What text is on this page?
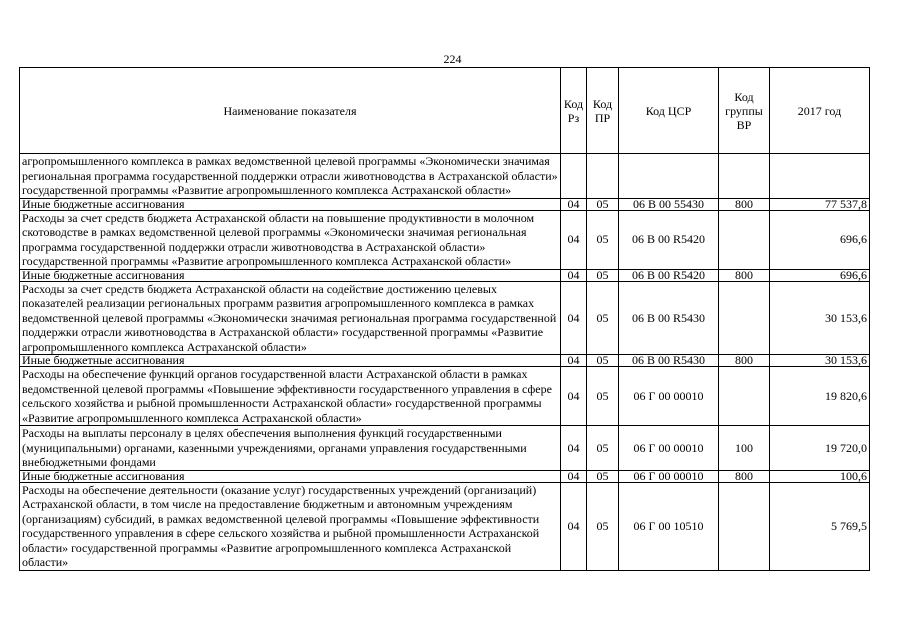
224
Наименование показателя	Код Рз	Код ПР	Код ЦСР	Код группы ВР	2017 год
агропромышленного комплекса в рамках ведомственной целевой программы «Экономически значимая региональная программа государственной поддержки отрасли животноводства в Астраханской области» государственной программы «Развитие агропромышленного комплекса Астраханской области»					
Иные бюджетные ассигнования	04	05	06 В 00 55430	800	77 537,8
Расходы за счет средств бюджета Астраханской области на повышение продуктивности в молочном скотоводстве в рамках ведомственной целевой программы «Экономически значимая региональная программа государственной поддержки отрасли животноводства в Астраханской области» государственной программы «Развитие агропромышленного комплекса Астраханской области»	04	05	06 В 00 R5420		696,6
Иные бюджетные ассигнования	04	05	06 В 00 R5420	800	696,6
Расходы за счет средств бюджета Астраханской области на содействие достижению целевых показателей реализации региональных программ развития агропромышленного комплекса в рамках ведомственной целевой программы «Экономически значимая региональная программа государственной поддержки отрасли животноводства в Астраханской области» государственной программы «Развитие агропромышленного комплекса Астраханской области»	04	05	06 В 00 R5430		30 153,6
Иные бюджетные ассигнования	04	05	06 В 00 R5430	800	30 153,6
Расходы на обеспечение функций органов государственной власти Астраханской области в рамках ведомственной целевой программы «Повышение эффективности государственного управления в сфере сельского хозяйства и рыбной промышленности Астраханской области» государственной программы «Развитие агропромышленного комплекса Астраханской области»	04	05	06 Г 00 00010		19 820,6
Расходы на выплаты персоналу в целях обеспечения выполнения функций государственными (муниципальными) органами, казенными учреждениями, органами управления государственными внебюджетными фондами	04	05	06 Г 00 00010	100	19 720,0
Иные бюджетные ассигнования	04	05	06 Г 00 00010	800	100,6
Расходы на обеспечение деятельности (оказание услуг) государственных учреждений (организаций) Астраханской области, в том числе на предоставление бюджетным и автономным учреждениям (организациям) субсидий, в рамках ведомственной целевой программы «Повышение эффективности государственного управления в сфере сельского хозяйства и рыбной промышленности Астраханской области» государственной программы «Развитие агропромышленного комплекса Астраханской области»	04	05	06 Г 00 10510		5 769,5
